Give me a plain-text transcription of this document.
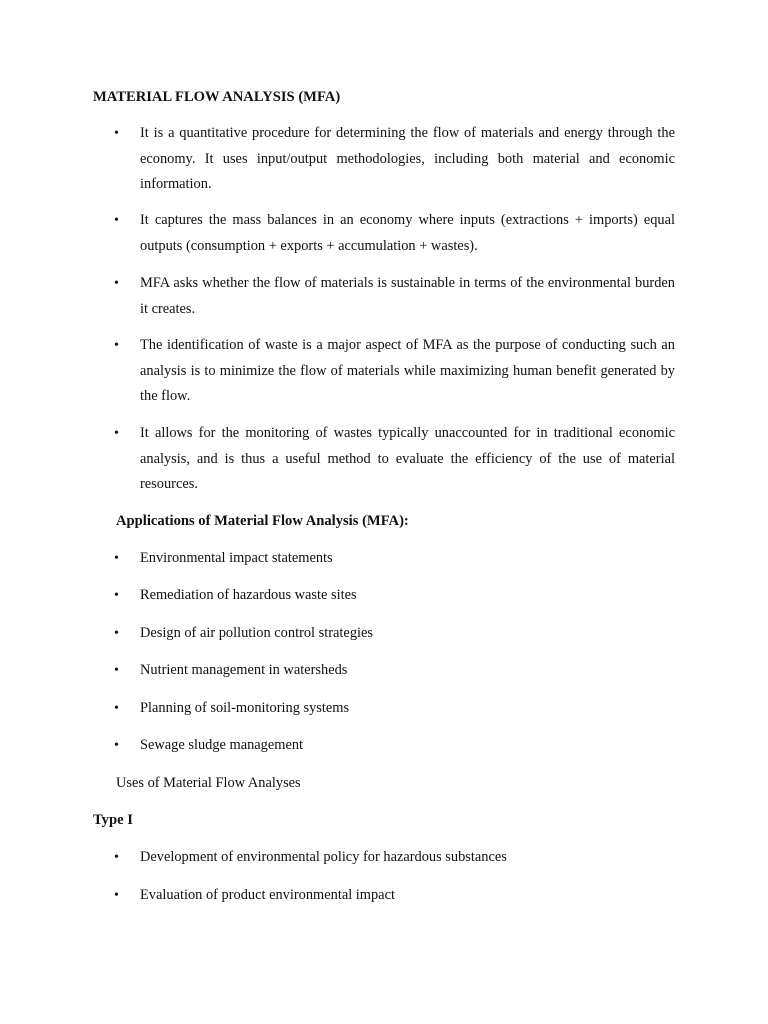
MATERIAL FLOW ANALYSIS (MFA)
• It is a quantitative procedure for determining the flow of materials and energy through the economy. It uses input/output methodologies, including both material and economic information.

• It captures the mass balances in an economy where inputs (extractions + imports) equal outputs (consumption + exports + accumulation + wastes).

• MFA asks whether the flow of materials is sustainable in terms of the environmental burden it creates.

• The identification of waste is a major aspect of MFA as the purpose of conducting such an analysis is to minimize the flow of materials while maximizing human benefit generated by the flow.

• It allows for the monitoring of wastes typically unaccounted for in traditional economic analysis, and is thus a useful method to evaluate the efficiency of the use of material resources.

Applications of Material Flow Analysis (MFA):
• Environmental impact statements

• Remediation of hazardous waste sites

• Design of air pollution control strategies

• Nutrient management in watersheds

• Planning of soil-monitoring systems

• Sewage sludge management

Uses of Material Flow Analyses

Type I
• Development of environmental policy for hazardous substances

• Evaluation of product environmental impact
